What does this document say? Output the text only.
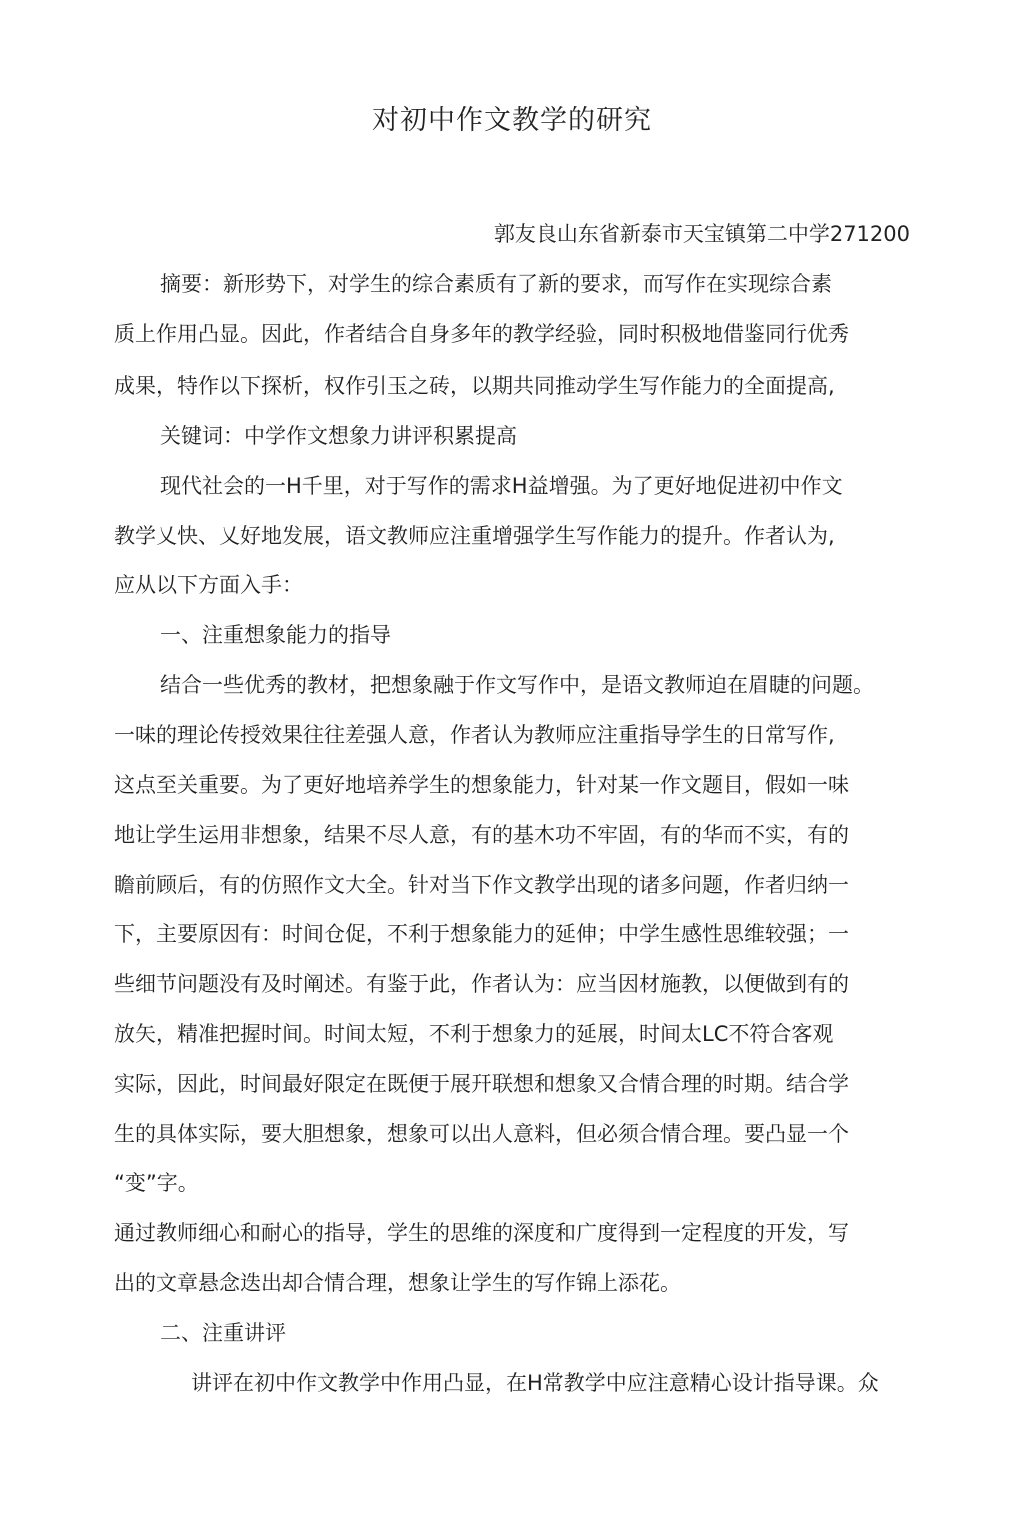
对初中作文教学的研究
郭友良山东省新泰市天宝镇第二中学271200
摘要：新形势下，对学生的综合素质有了新的要求，而写作在实现综合素
质上作用凸显。因此，作者结合自身多年的教学经验，同时积极地借鉴同行优秀
成果，特作以下探析，权作引玉之砖，以期共同推动学生写作能力的全面提高,
关键词：中学作文想象力讲评积累提高
现代社会的一H千里，对于写作的需求H益增强。为了更好地促进初中作文
教学乂快、乂好地发展，语文教师应注重增强学生写作能力的提升。作者认为,
应从以下方面入手：
一、注重想象能力的指导
结合一些优秀的教材，把想象融于作文写作中，是语文教师迫在眉睫的问题。
一味的理论传授效果往往差强人意，作者认为教师应注重指导学生的日常写作,
这点至关重要。为了更好地培养学生的想象能力，针对某一作文题目，假如一味
地让学生运用非想象，结果不尽人意，有的基木功不牢固，有的华而不实，有的
瞻前顾后，有的仿照作文大全。针对当下作文教学出现的诸多问题，作者归纳一
下，主要原因有：时间仓促，不利于想象能力的延伸；中学生感性思维较强；一
些细节问题没有及时阐述。有鉴于此，作者认为：应当因材施教，以便做到有的
放矢，精准把握时间。时间太短，不利于想象力的延展，时间太LC不符合客观
实际，因此，时间最好限定在既便于展幵联想和想象又合情合理的时期。结合学
生的具体实际，要大胆想象，想象可以出人意料，但必须合情合理。要凸显一个
“变”字。
通过教师细心和耐心的指导，学生的思维的深度和广度得到一定程度的开发，写
出的文章悬念迭出却合情合理，想象让学生的写作锦上添花。
二、注重讲评
讲评在初中作文教学中作用凸显，在H常教学中应注意精心设计指导课。众
